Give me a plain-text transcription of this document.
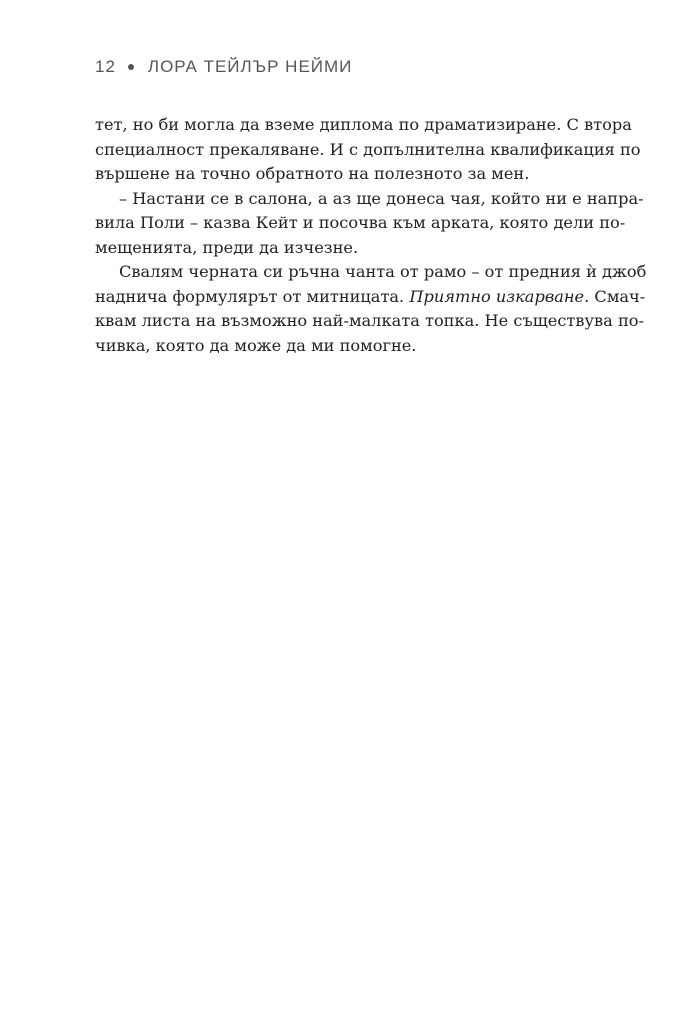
12 ЛОРА ТЕЙЛЪР НЕЙМИ
тет, но би могла да вземе диплома по драматизиране. С втора
специалност прекаляване. И с допълнителна квалификация по
вършене на точно обратното на полезното за мен.
– Настани се в салона, а аз ще донеса чая, който ни е напра-
вила Поли – казва Кейт и посочва към арката, която дели по-
мещенията, преди да изчезне.
Свалям черната си ръчна чанта от рамо – от предния ѝ джоб
наднича формулярът от митницата. Приятно изкарване. Смач-
квам листа на възможно най-малката топка. Не съществува по-
чивка, която да може да ми помогне.
